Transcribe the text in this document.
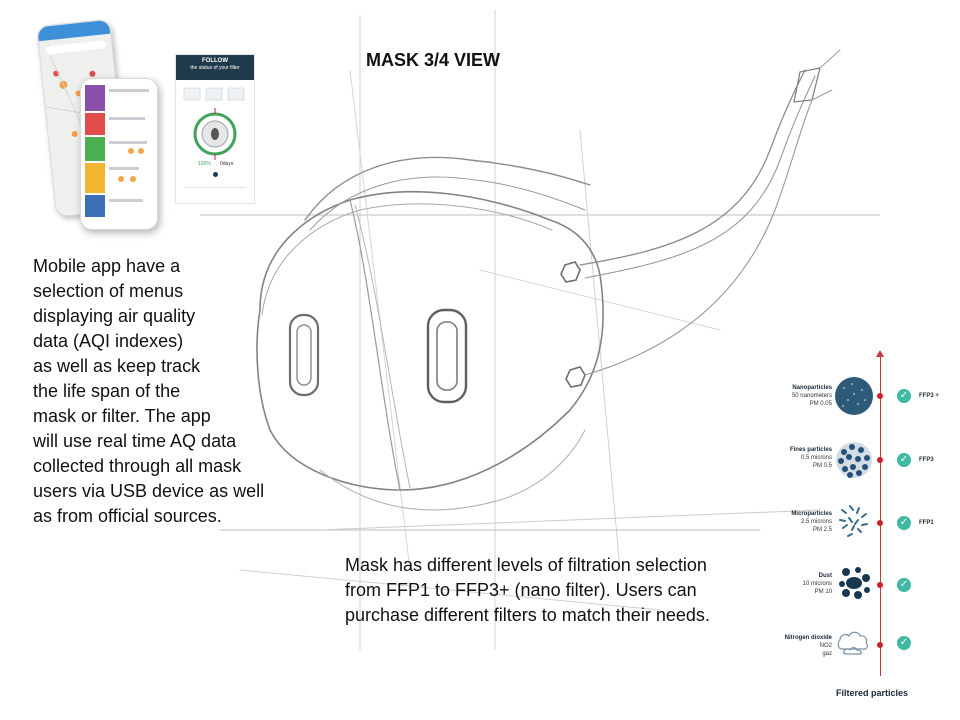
MASK 3/4 VIEW
FOLLOW
the status of your filter
100% 0days
Mobile app have a
selection of menus
displaying air quality
data (AQI indexes)
as well as keep track
the life span of the
mask or filter. The app
will use real time AQ data
collected through all mask
users via USB device as well
as from official sources.
Mask has different levels of filtration selection
from FFP1 to FFP3+ (nano filter). Users can
purchase different filters to match their needs.
Nanoparticles
50 nanometers
PM 0.05
✓	FFP3 +
Fines particles
0.5 microns
PM 0.5
✓	FFP3
Microparticles
2.5 microns
PM 2.5
✓	FFP1
Dust
10 microns
PM 10
✓
Nitrogen dioxide
NO2
gaz
✓
Filtered particles
